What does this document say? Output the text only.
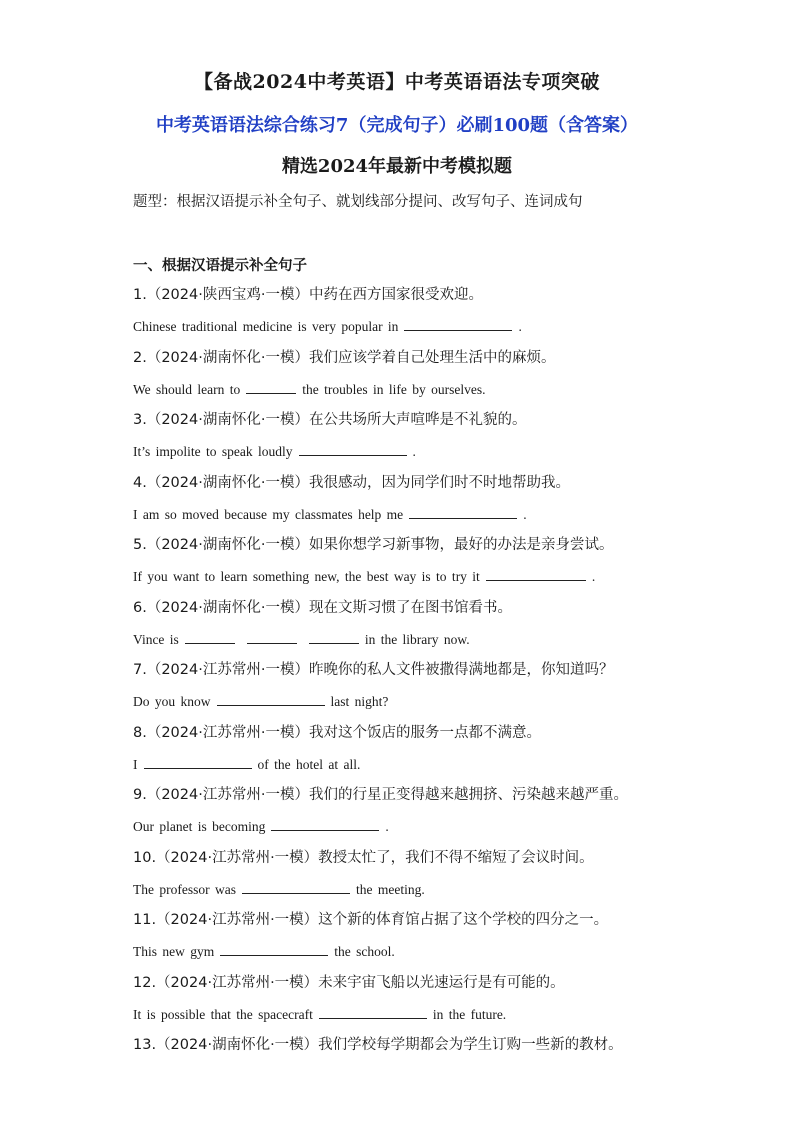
【备战2024中考英语】中考英语语法专项突破
中考英语语法综合练习7（完成句子）必刷100题（含答案）
精选2024年最新中考模拟题
题型：根据汉语提示补全句子、就划线部分提问、改写句子、连词成句
一、根据汉语提示补全句子
1.（2024·陕西宝鸡·一模）中药在西方国家很受欢迎。
Chinese traditional medicine is very popular in	.
2.（2024·湖南怀化·一模）我们应该学着自己处理生活中的麻烦。
We should learn to	the troubles in life by ourselves.
3.（2024·湖南怀化·一模）在公共场所大声喧哗是不礼貌的。
It’s impolite to speak loudly	.
4.（2024·湖南怀化·一模）我很感动，因为同学们时不时地帮助我。
I am so moved because my classmates help me	.
5.（2024·湖南怀化·一模）如果你想学习新事物，最好的办法是亲身尝试。
If you want to learn something new, the best way is to try it	.
6.（2024·湖南怀化·一模）现在文斯习惯了在图书馆看书。
Vince is	in the library now.
7.（2024·江苏常州·一模）昨晚你的私人文件被撒得满地都是，你知道吗？
Do you know	last night?
8.（2024·江苏常州·一模）我对这个饭店的服务一点都不满意。
I	of the hotel at all.
9.（2024·江苏常州·一模）我们的行星正变得越来越拥挤、污染越来越严重。
Our planet is becoming	.
10.（2024·江苏常州·一模）教授太忙了，我们不得不缩短了会议时间。
The professor was	the meeting.
11.（2024·江苏常州·一模）这个新的体育馆占据了这个学校的四分之一。
This new gym	the school.
12.（2024·江苏常州·一模）未来宇宙飞船以光速运行是有可能的。
It is possible that the spacecraft	in the future.
13.（2024·湖南怀化·一模）我们学校每学期都会为学生订购一些新的教材。
